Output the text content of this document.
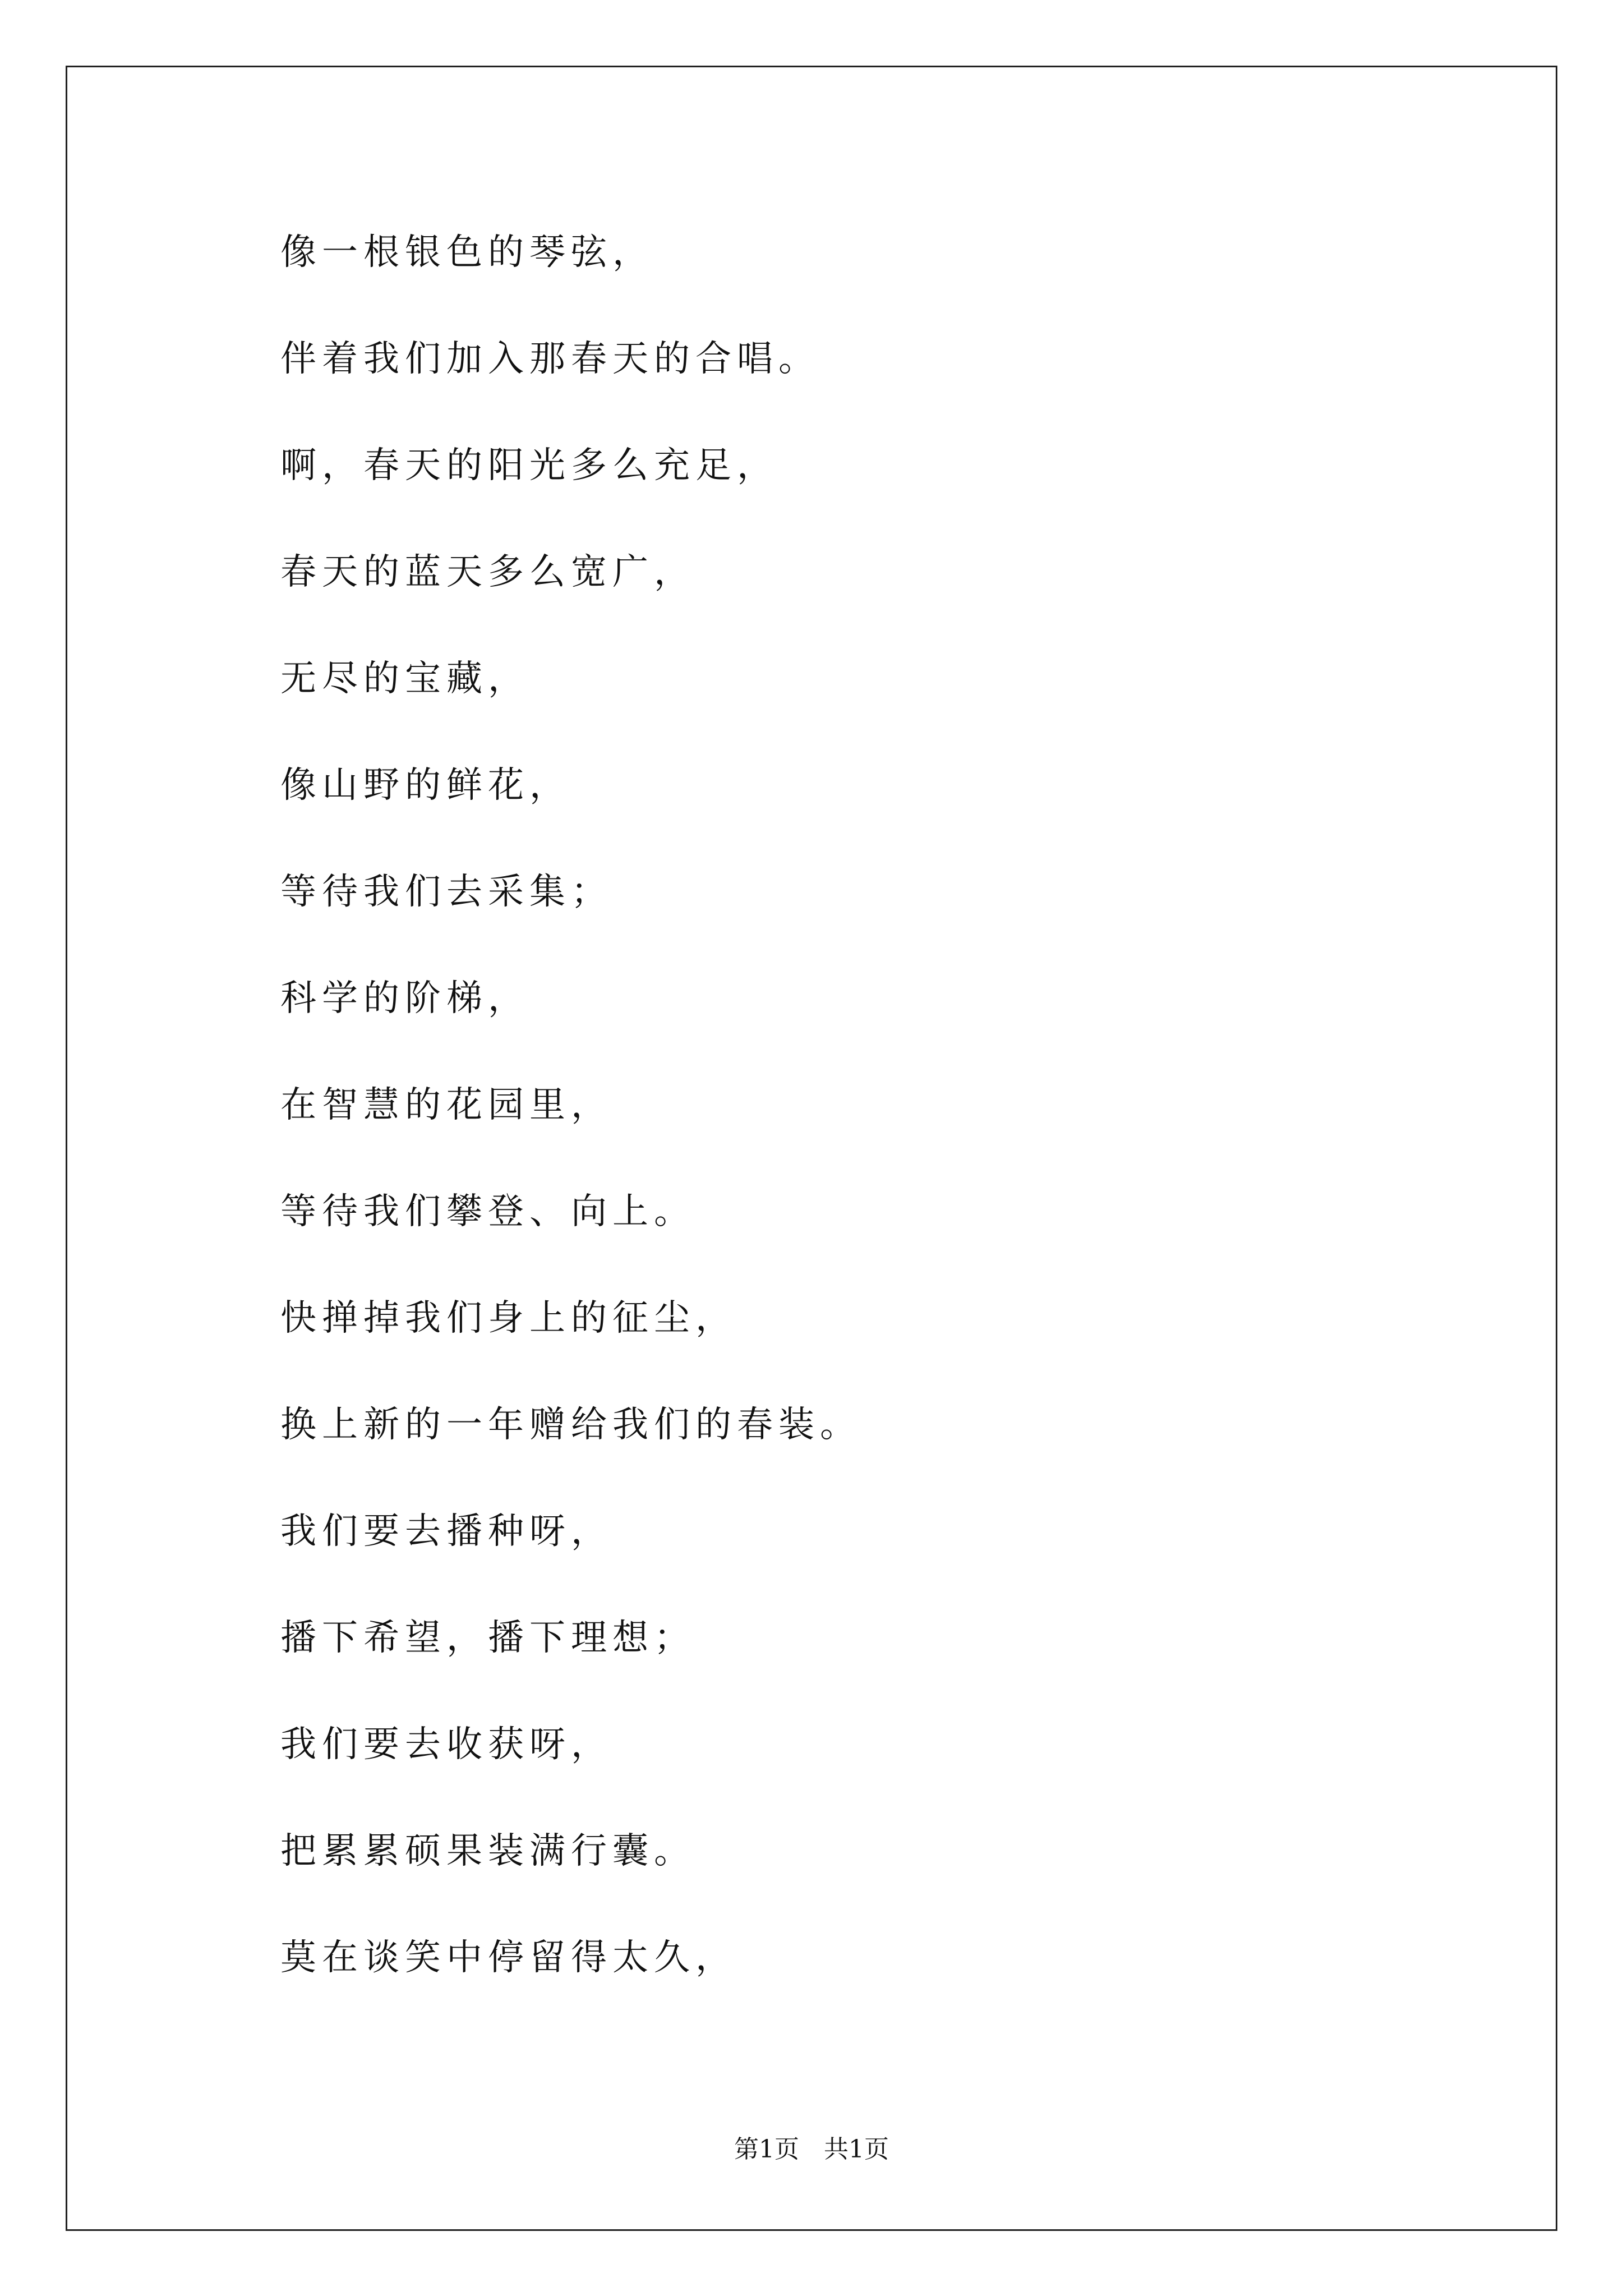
像一根银色的琴弦，
伴着我们加入那春天的合唱。
啊，春天的阳光多么充足，
春天的蓝天多么宽广，
无尽的宝藏，
像山野的鲜花，
等待我们去采集；
科学的阶梯，
在智慧的花园里，
等待我们攀登、向上。
快掸掉我们身上的征尘，
换上新的一年赠给我们的春装。
我们要去播种呀，
播下希望，播下理想；
我们要去收获呀，
把累累硕果装满行囊。
莫在谈笑中停留得太久，
第1页　共1页
